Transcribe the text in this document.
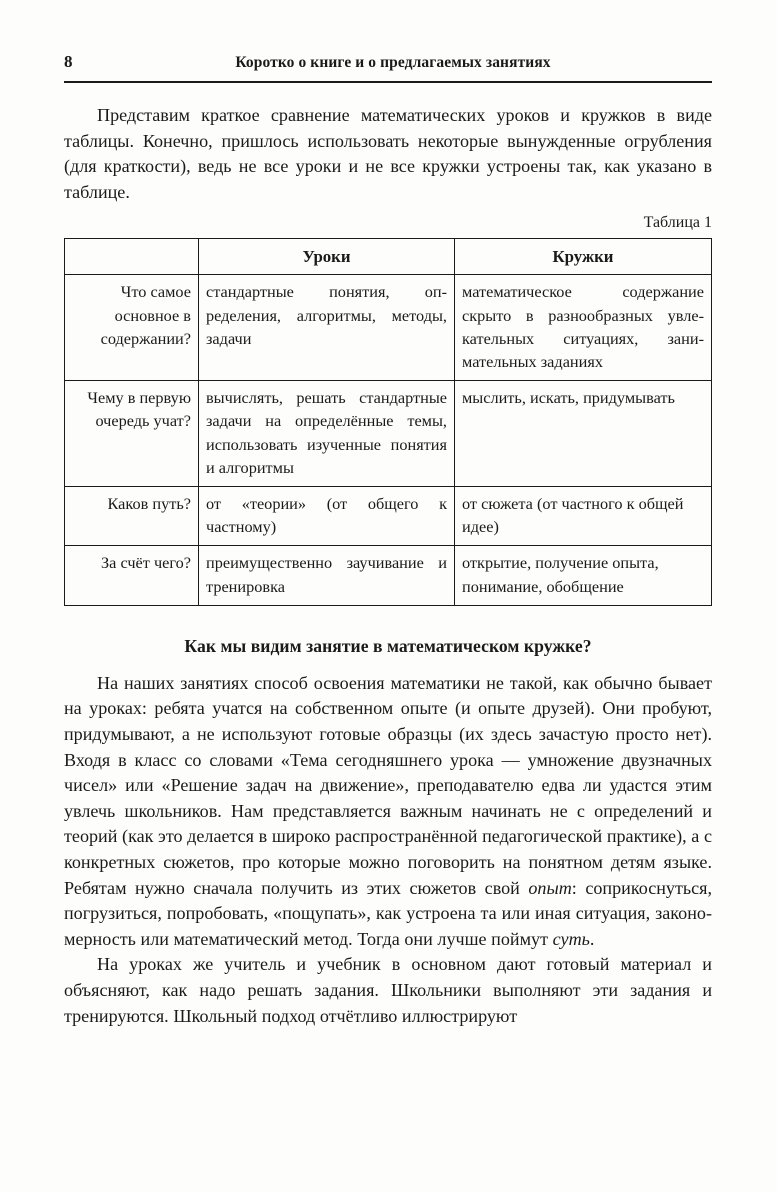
8	Коротко о книге и о предлагаемых занятиях

Представим краткое сравнение математических уроков и кружков в виде таблицы. Конечно, пришлось использовать некоторые вынужденные огрубления (для краткости), ведь не все уроки и не все кружки устроены так, как указано в таблице.

Таблица 1
	Уроки	Кружки
Что самое основное в содержании?	стандартные понятия, определения, алгоритмы, методы, задачи	математическое содержание скрыто в разнообразных увлекательных ситуациях, занимательных заданиях
Чему в первую очередь учат?	вычислять, решать стандартные задачи на определённые темы, использовать изученные понятия и алгоритмы	мыслить, искать, придумывать
Каков путь?	от «теории» (от общего к частному)	от сюжета (от частного к общей идее)
За счёт чего?	преимущественно заучивание и тренировка	открытие, получение опыта, понимание, обобщение
Как мы видим занятие в математическом кружке?

На наших занятиях способ освоения математики не такой, как обычно бывает на уроках: ребята учатся на собственном опыте (и опыте друзей). Они пробуют, придумывают, а не используют готовые образцы (их здесь зачастую просто нет). Входя в класс со словами «Тема сегодняшнего урока — умножение двузначных чисел» или «Решение задач на движение», преподавателю едва ли удастся этим увлечь школьников. Нам представляется важным начинать не с определений и теорий (как это делается в широко распространённой педагогической практике), а с конкретных сюжетов, про которые можно поговорить на понятном детям языке. Ребятам нужно сначала получить из этих сюжетов свой опыт: соприкоснуться, погрузиться, попробовать, «пощупать», как устроена та или иная ситуация, закономерность или математический метод. Тогда они лучше поймут суть.

На уроках же учитель и учебник в основном дают готовый материал и объясняют, как надо решать задания. Школьники выполняют эти задания и тренируются. Школьный подход отчётливо иллюстрируют
